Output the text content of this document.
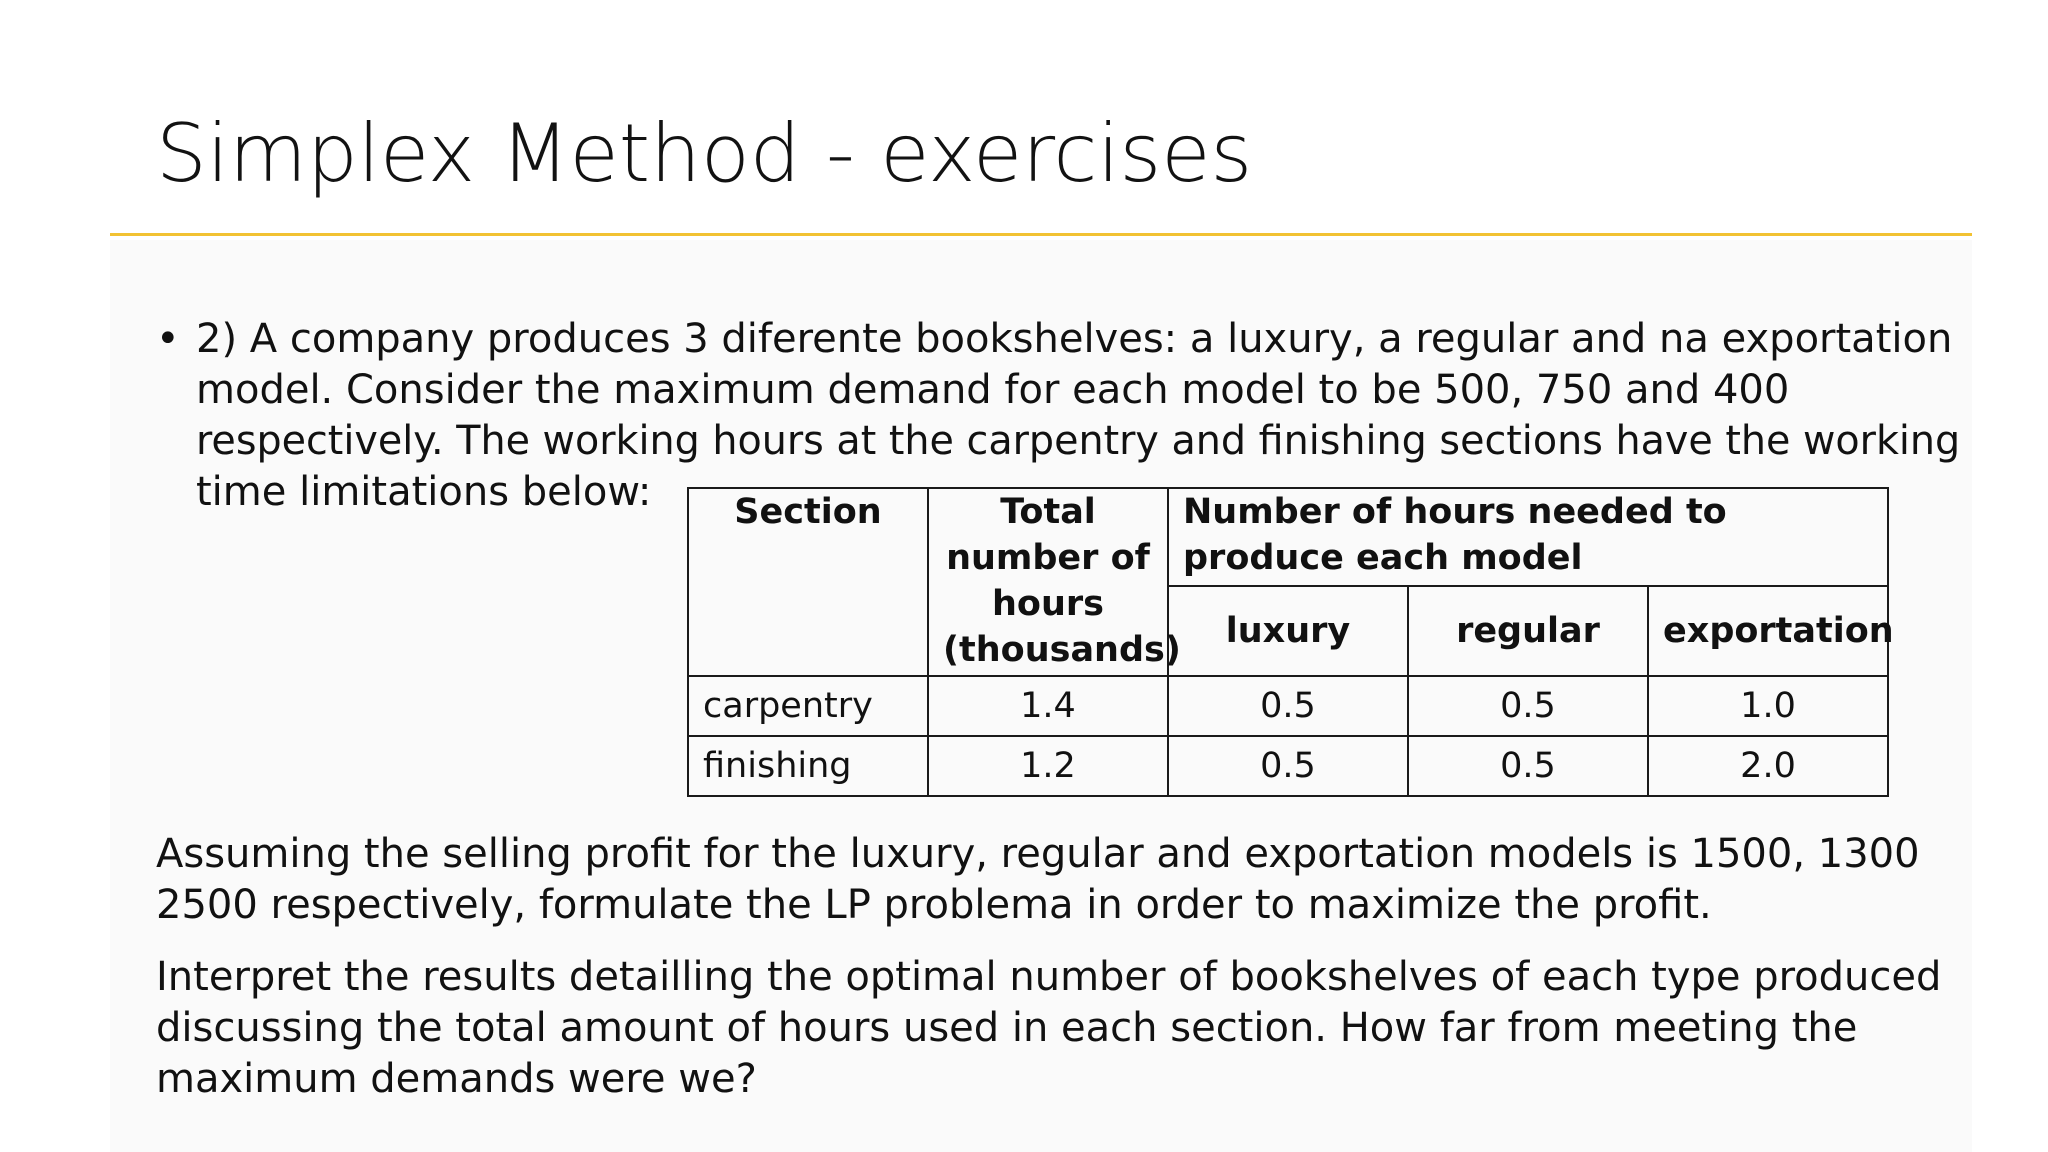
Simplex Method - exercises
• 2) A company produces 3 diferente bookshelves: a luxury, a regular and na exportation
model. Consider the maximum demand for each model to be 500, 750 and 400
respectively. The working hours at the carpentry and finishing sections have the working
time limitations below: Section	Total number of hours (thousands)	Number of hours needed to produce each model		
		luxury	regular	exportation
carpentry	1.4	0.5	0.5	1.0
finishing	1.2	0.5	0.5	2.0
Assuming the selling profit for the luxury, regular and exportation models is 1500, 1300
2500 respectively, formulate the LP problema in order to maximize the profit.
Interpret the results detailling the optimal number of bookshelves of each type produced
discussing the total amount of hours used in each section. How far from meeting the
maximum demands were we?
